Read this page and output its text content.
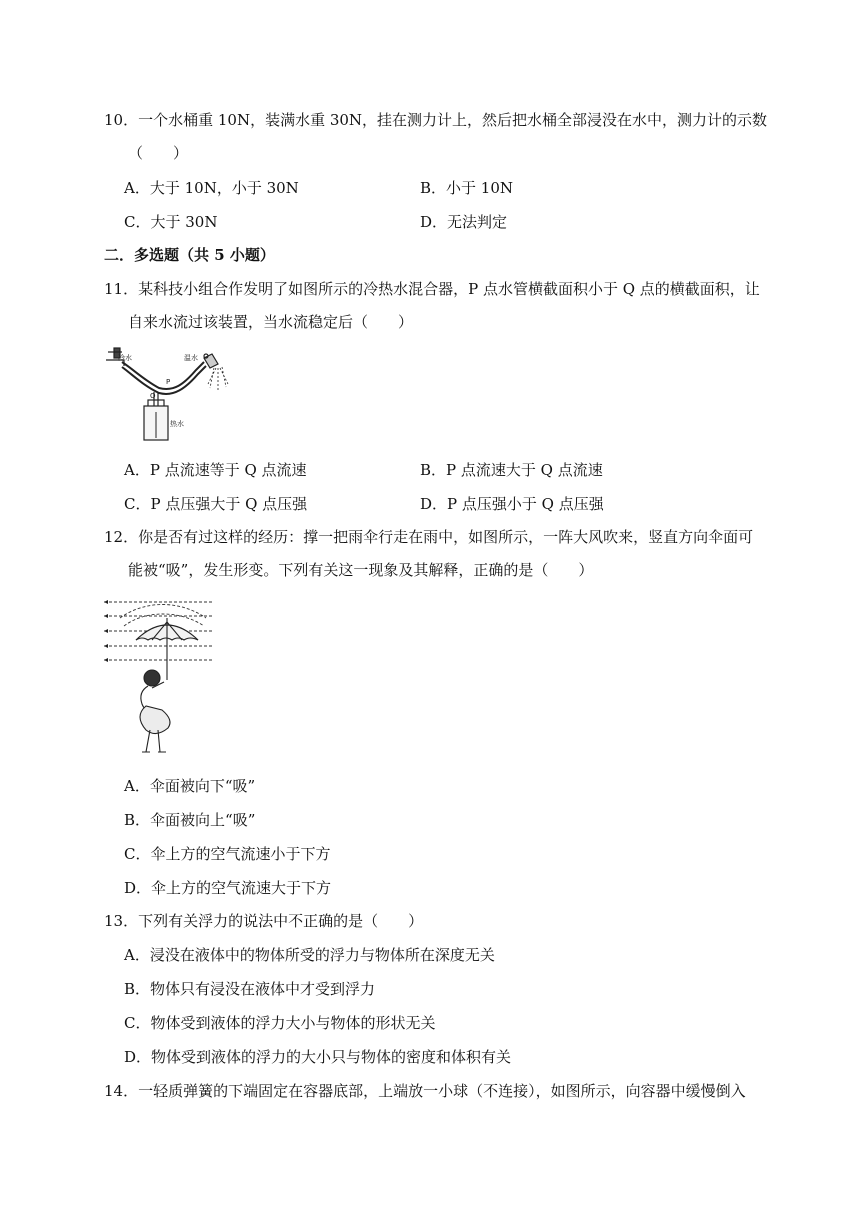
10．一个水桶重 10N，装满水重 30N，挂在测力计上，然后把水桶全部浸没在水中，测力计的示数
（　　）
A．大于 10N，小于 30N	B．小于 10N
C．大于 30N	D．无法判定
二．多选题（共 5 小题）
11．某科技小组合作发明了如图所示的冷热水混合器，P 点水管横截面积小于 Q 点的横截面积，让
自来水流过该装置，当水流稳定后（　　）
冷水	温水
热水
P
Q
A．P 点流速等于 Q 点流速	B．P 点流速大于 Q 点流速
C．P 点压强大于 Q 点压强	D．P 点压强小于 Q 点压强
12．你是否有过这样的经历：撑一把雨伞行走在雨中，如图所示，一阵大风吹来，竖直方向伞面可
能被“吸”，发生形变。下列有关这一现象及其解释，正确的是（　　）
A．伞面被向下“吸”
B．伞面被向上“吸”
C．伞上方的空气流速小于下方
D．伞上方的空气流速大于下方
13．下列有关浮力的说法中不正确的是（　　）
A．浸没在液体中的物体所受的浮力与物体所在深度无关
B．物体只有浸没在液体中才受到浮力
C．物体受到液体的浮力大小与物体的形状无关
D．物体受到液体的浮力的大小只与物体的密度和体积有关
14．一轻质弹簧的下端固定在容器底部，上端放一小球（不连接），如图所示，向容器中缓慢倒入
